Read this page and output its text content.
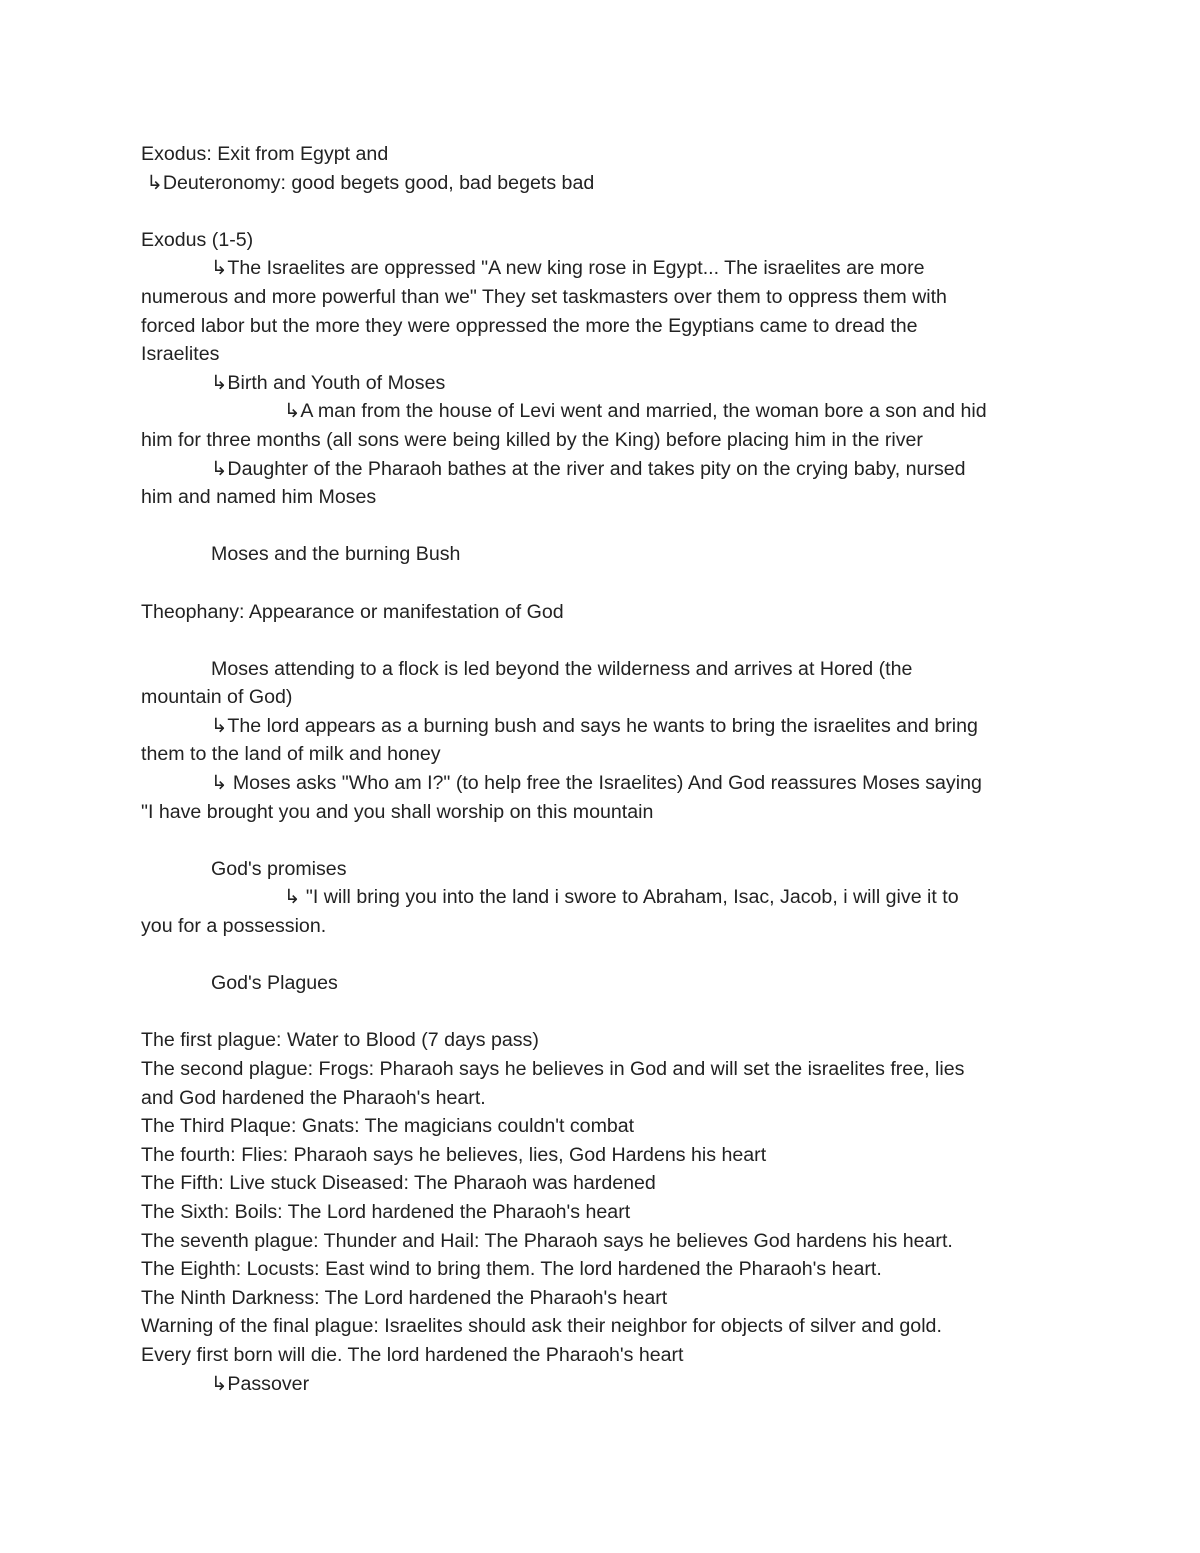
Exodus: Exit from Egypt and
↳Deuteronomy: good begets good, bad begets bad
Exodus (1-5)
↳The Israelites are oppressed "A new king rose in Egypt... The israelites are more
numerous and more powerful than we" They set taskmasters over them to oppress them with
forced labor but the more they were oppressed the more the Egyptians came to dread the
Israelites
↳Birth and Youth of Moses
↳A man from the house of Levi went and married, the woman bore a son and hid
him for three months (all sons were being killed by the King) before placing him in the river
↳Daughter of the Pharaoh bathes at the river and takes pity on the crying baby, nursed
him and named him Moses
Moses and the burning Bush
Theophany: Appearance or manifestation of God
Moses attending to a flock is led beyond the wilderness and arrives at Hored (the
mountain of God)
↳The lord appears as a burning bush and says he wants to bring the israelites and bring
them to the land of milk and honey
↳ Moses asks "Who am I?" (to help free the Israelites) And God reassures Moses saying
"I have brought you and you shall worship on this mountain
God's promises
↳ "I will bring you into the land i swore to Abraham, Isac, Jacob, i will give it to
you for a possession.
God's Plagues
The first plague: Water to Blood (7 days pass)
The second plague: Frogs: Pharaoh says he believes in God and will set the israelites free, lies
and God hardened the Pharaoh's heart.
The Third Plaque: Gnats: The magicians couldn't combat
The fourth: Flies: Pharaoh says he believes, lies, God Hardens his heart
The Fifth: Live stuck Diseased: The Pharaoh was hardened
The Sixth: Boils: The Lord hardened the Pharaoh's heart
The seventh plague: Thunder and Hail: The Pharaoh says he believes God hardens his heart.
The Eighth: Locusts: East wind to bring them. The lord hardened the Pharaoh's heart.
The Ninth Darkness: The Lord hardened the Pharaoh's heart
Warning of the final plague: Israelites should ask their neighbor for objects of silver and gold.
Every first born will die. The lord hardened the Pharaoh's heart
↳Passover
